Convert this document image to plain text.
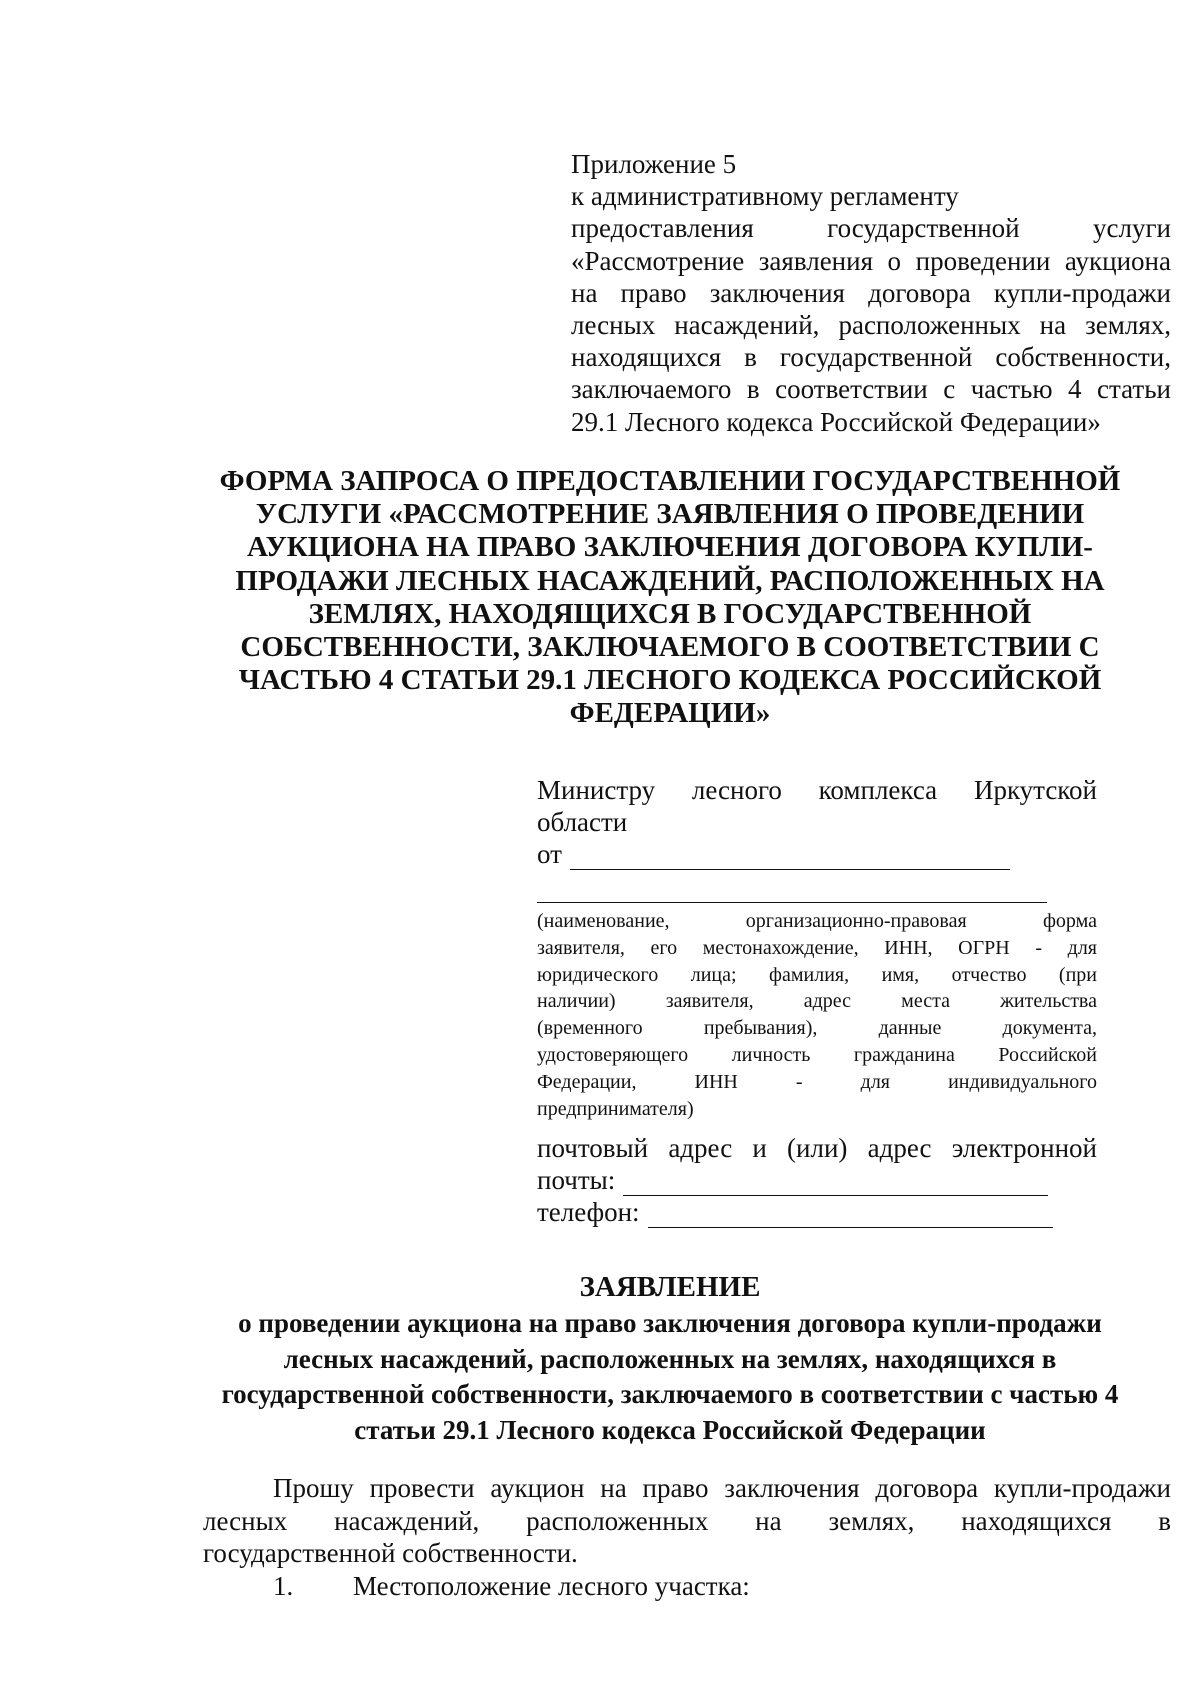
Приложение 5
к административному регламенту
предоставления государственной услуги
«Рассмотрение заявления о проведении аукциона
на право заключения договора купли-продажи
лесных насаждений, расположенных на землях,
находящихся в государственной собственности,
заключаемого в соответствии с частью 4 статьи
29.1 Лесного кодекса Российской Федерации»
ФОРМА ЗАПРОСА О ПРЕДОСТАВЛЕНИИ ГОСУДАРСТВЕННОЙ
УСЛУГИ «РАССМОТРЕНИЕ ЗАЯВЛЕНИЯ О ПРОВЕДЕНИИ
АУКЦИОНА НА ПРАВО ЗАКЛЮЧЕНИЯ ДОГОВОРА КУПЛИ-
ПРОДАЖИ ЛЕСНЫХ НАСАЖДЕНИЙ, РАСПОЛОЖЕННЫХ НА
ЗЕМЛЯХ, НАХОДЯЩИХСЯ В ГОСУДАРСТВЕННОЙ
СОБСТВЕННОСТИ, ЗАКЛЮЧАЕМОГО В СООТВЕТСТВИИ С
ЧАСТЬЮ 4 СТАТЬИ 29.1 ЛЕСНОГО КОДЕКСА РОССИЙСКОЙ
ФЕДЕРАЦИИ»
Министру лесного комплекса Иркутской
области
от
(наименование, организационно-правовая форма
заявителя, его местонахождение, ИНН, ОГРН - для
юридического лица; фамилия, имя, отчество (при
наличии) заявителя, адрес места жительства
(временного пребывания), данные документа,
удостоверяющего личность гражданина Российской
Федерации, ИНН - для индивидуального
предпринимателя)
почтовый адрес и (или) адрес электронной
почты:
телефон:
ЗАЯВЛЕНИЕ
о проведении аукциона на право заключения договора купли-продажи
лесных насаждений, расположенных на землях, находящихся в
государственной собственности, заключаемого в соответствии с частью 4
статьи 29.1 Лесного кодекса Российской Федерации
Прошу провести аукцион на право заключения договора купли-продажи
лесных насаждений, расположенных на землях, находящихся в
государственной собственности.
1.	Местоположение лесного участка:
